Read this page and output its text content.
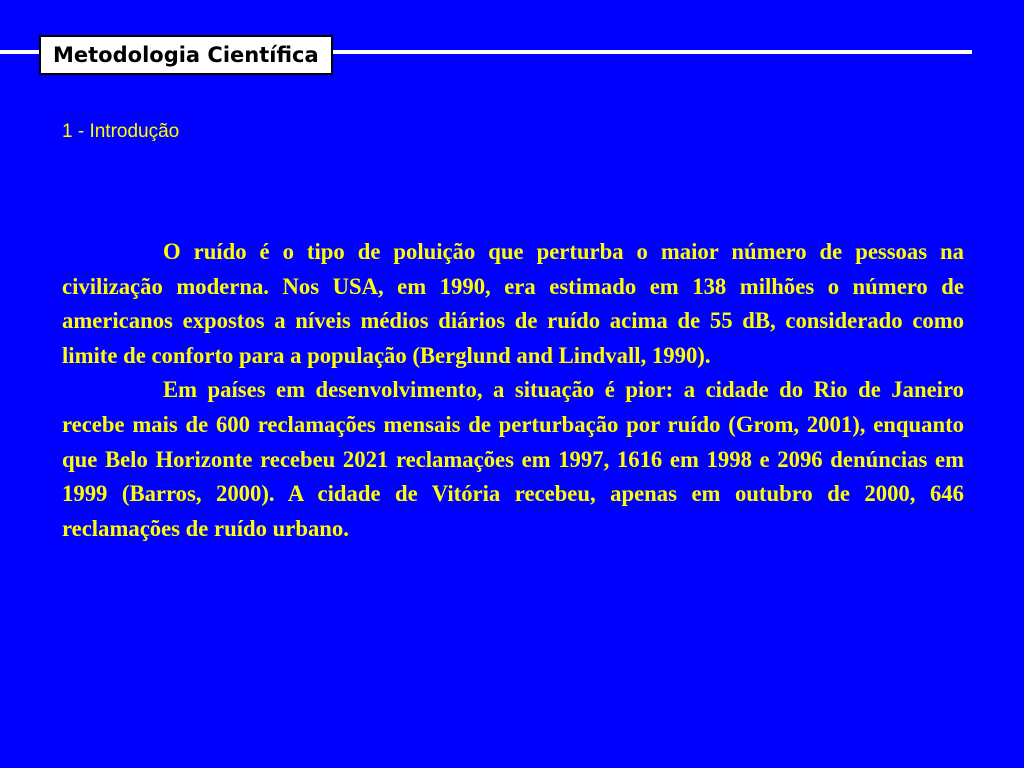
Metodologia Científica
1 - Introdução

O ruído é o tipo de poluição que perturba o maior número de pessoas na civilização moderna. Nos USA, em 1990, era estimado em 138 milhões o número de americanos expostos a níveis médios diários de ruído acima de 55 dB, considerado como limite de conforto para a população (Berglund and Lindvall, 1990).

Em países em desenvolvimento, a situação é pior: a cidade do Rio de Janeiro recebe mais de 600 reclamações mensais de perturbação por ruído (Grom, 2001), enquanto que Belo Horizonte recebeu 2021 reclamações em 1997, 1616 em 1998 e 2096 denúncias em 1999 (Barros, 2000). A cidade de Vitória recebeu, apenas em outubro de 2000, 646 reclamações de ruído urbano.
